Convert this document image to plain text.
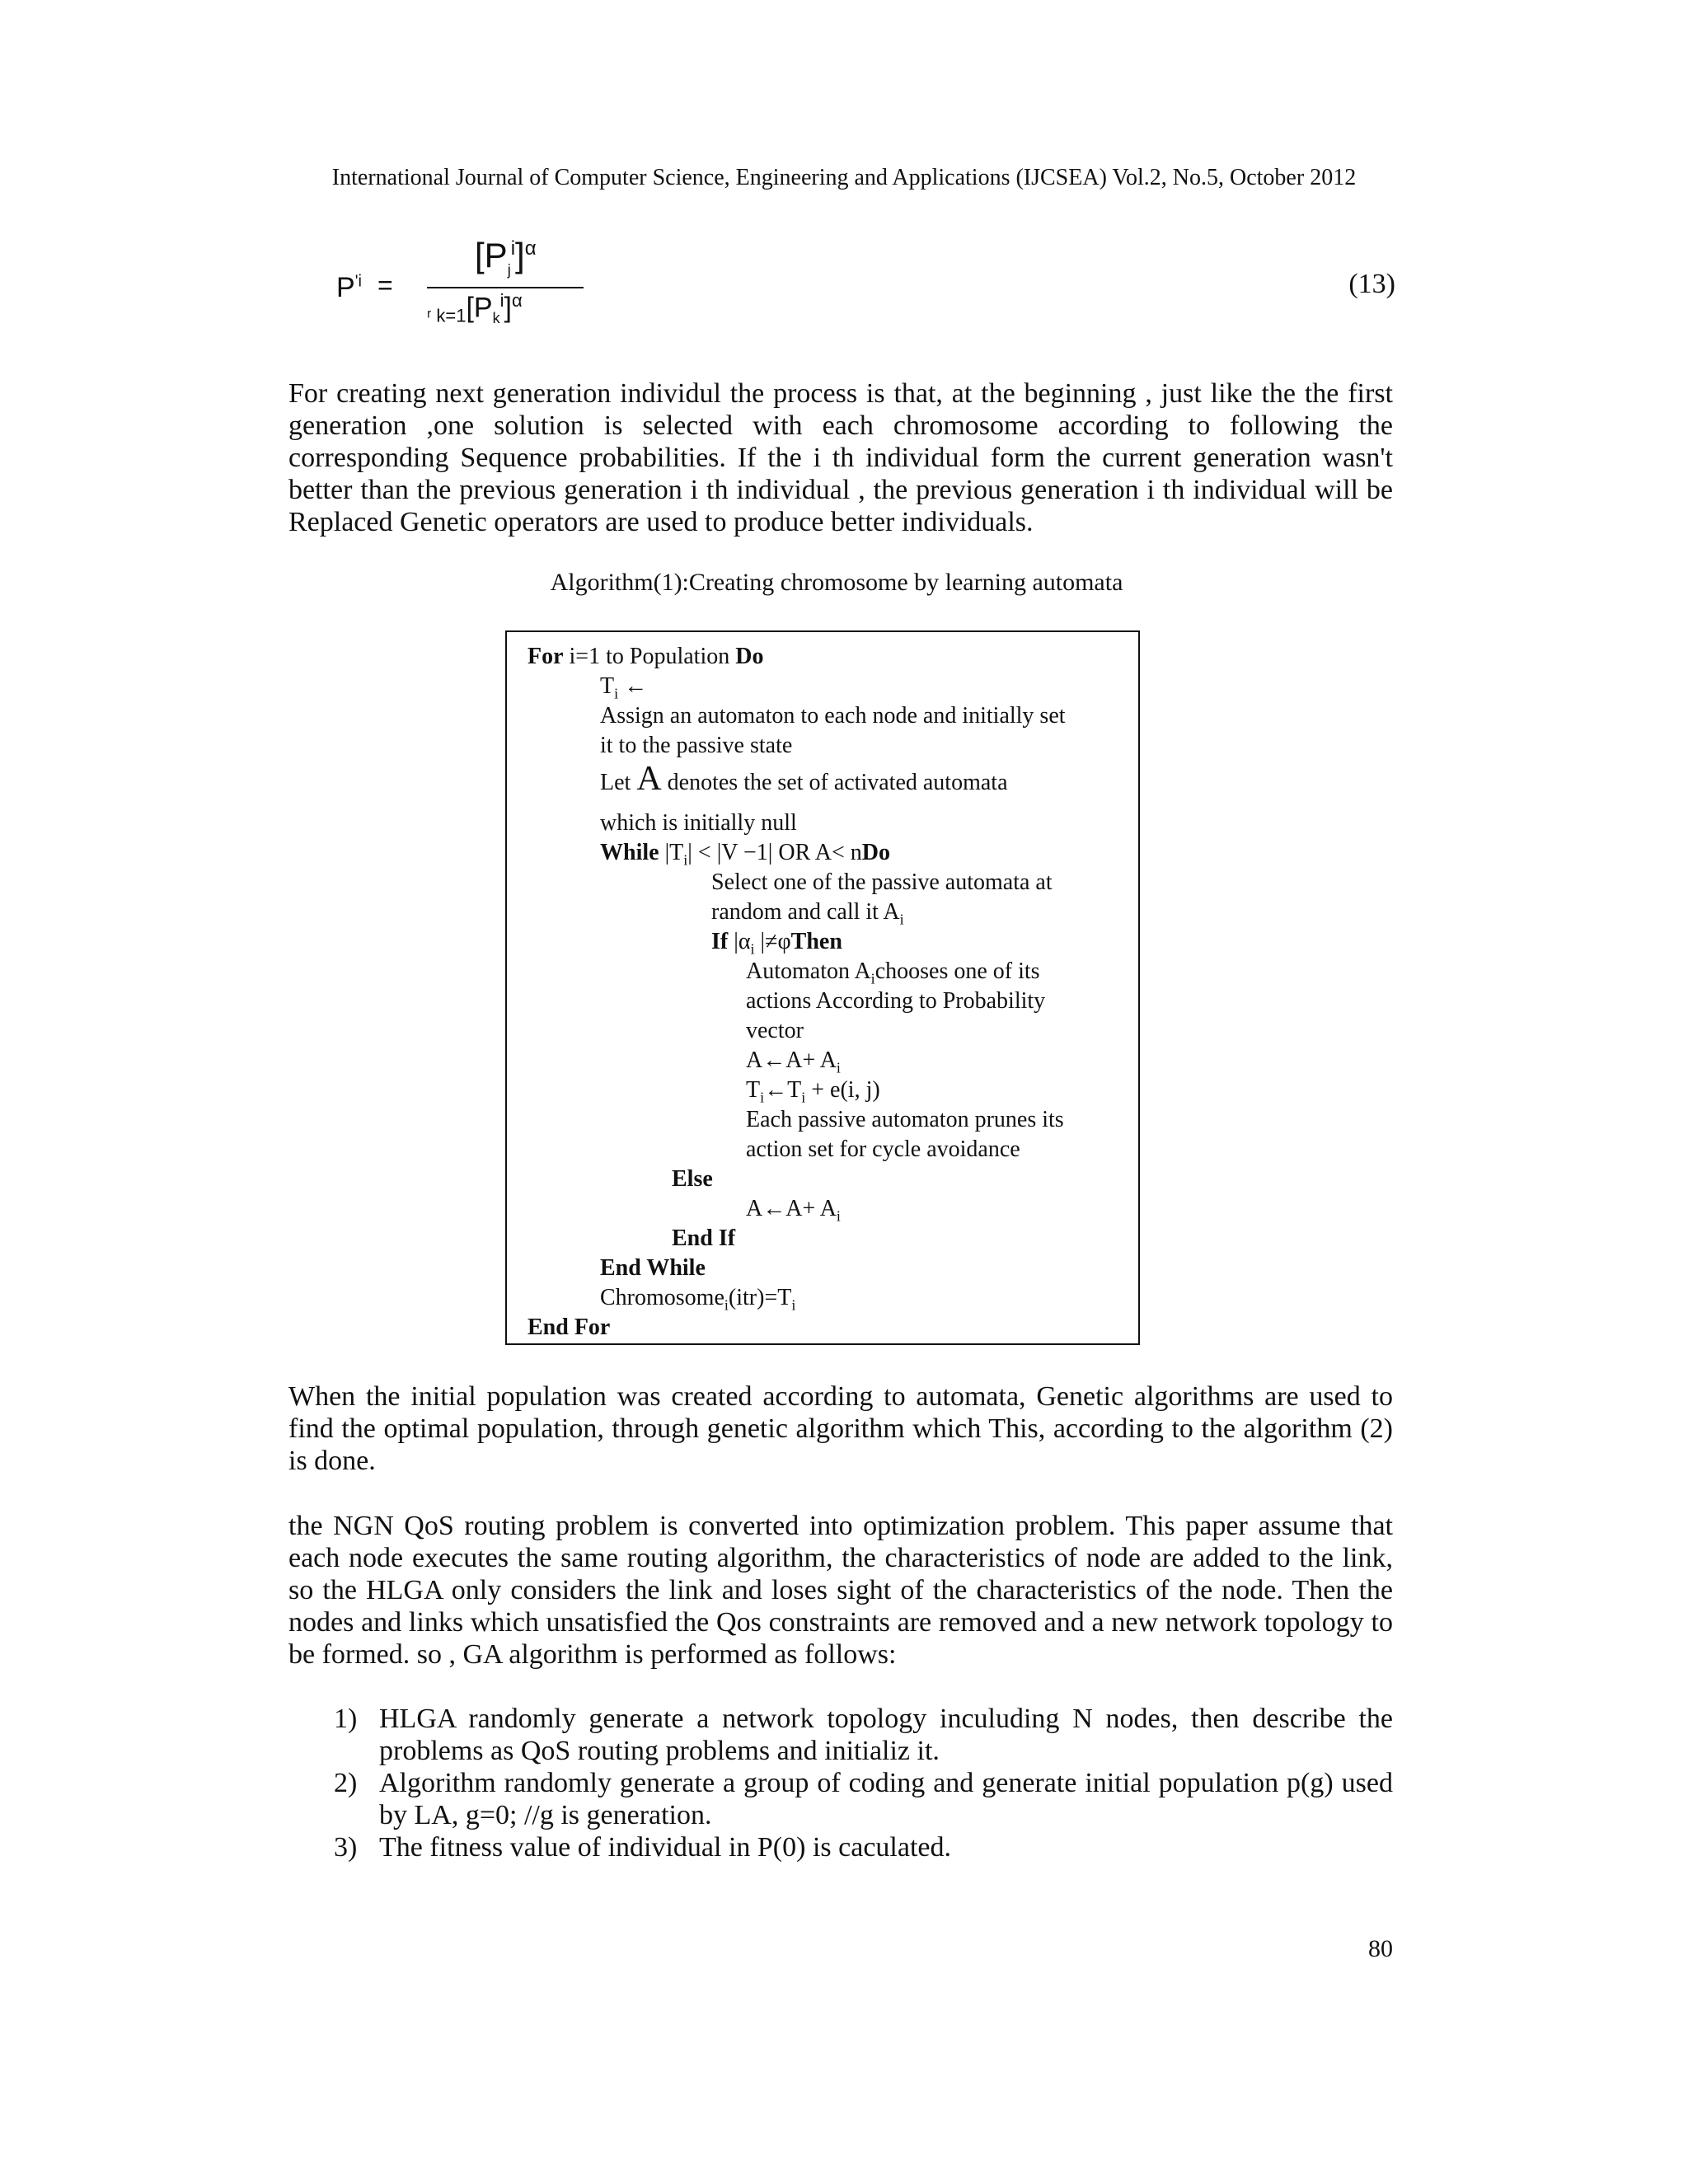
International Journal of Computer Science, Engineering and Applications (IJCSEA) Vol.2, No.5, October 2012
$P^{'i}$ =
$[P_j^i]^\alpha$
ʳ $k=1[P_k^i]^\alpha$
(13)
For creating next generation individul the process is that, at the beginning , just like the the first generation ,one solution is selected with each chromosome according to following the corresponding Sequence probabilities. If the i th individual form the current generation wasn't better than the previous generation i th individual , the previous generation i th individual will be Replaced Genetic operators are used to produce better individuals.
Algorithm(1):Creating chromosome by learning automata
For i=1 to Population Do
$T_i$ ← ⃞
Assign an automaton to each node and initially set
it to the passive state
Let A denotes the set of activated automata
which is initially null
While $|T_i| < |V -1|$ OR A< nDo
Select one of the passive automata at
random and call it $A_i$
If $|\alpha_i$ |≠φThen
Automaton $A_ichooses$ one of its
actions According to Probability
vector
A←A+ $A_i$
$T_i\leftarrow T_i + e(i$, j)
Each passive automaton prunes its
action set for cycle avoidance
Else
A←A+ $A_i$
End If
End While
$Chromosome_i(itr)=T_i$
End For
When the initial population was created according to automata, Genetic algorithms are used to find the optimal population, through genetic algorithm which This, according to the algorithm (2) is done.
the NGN QoS routing problem is converted into optimization problem. This paper assume that each node executes the same routing algorithm, the characteristics of node are added to the link, so the HLGA only considers the link and loses sight of the characteristics of the node. Then the nodes and links which unsatisfied the Qos constraints are removed and a new network topology to be formed. so , GA algorithm is performed as follows:
1) HLGA randomly generate a network topology inculuding N nodes, then describe the problems as QoS routing problems and initializ it.
2) Algorithm randomly generate a group of coding and generate initial population p(g) used by LA, g=0; //g is generation.
3) The fitness value of individual in P(0) is caculated.
80
